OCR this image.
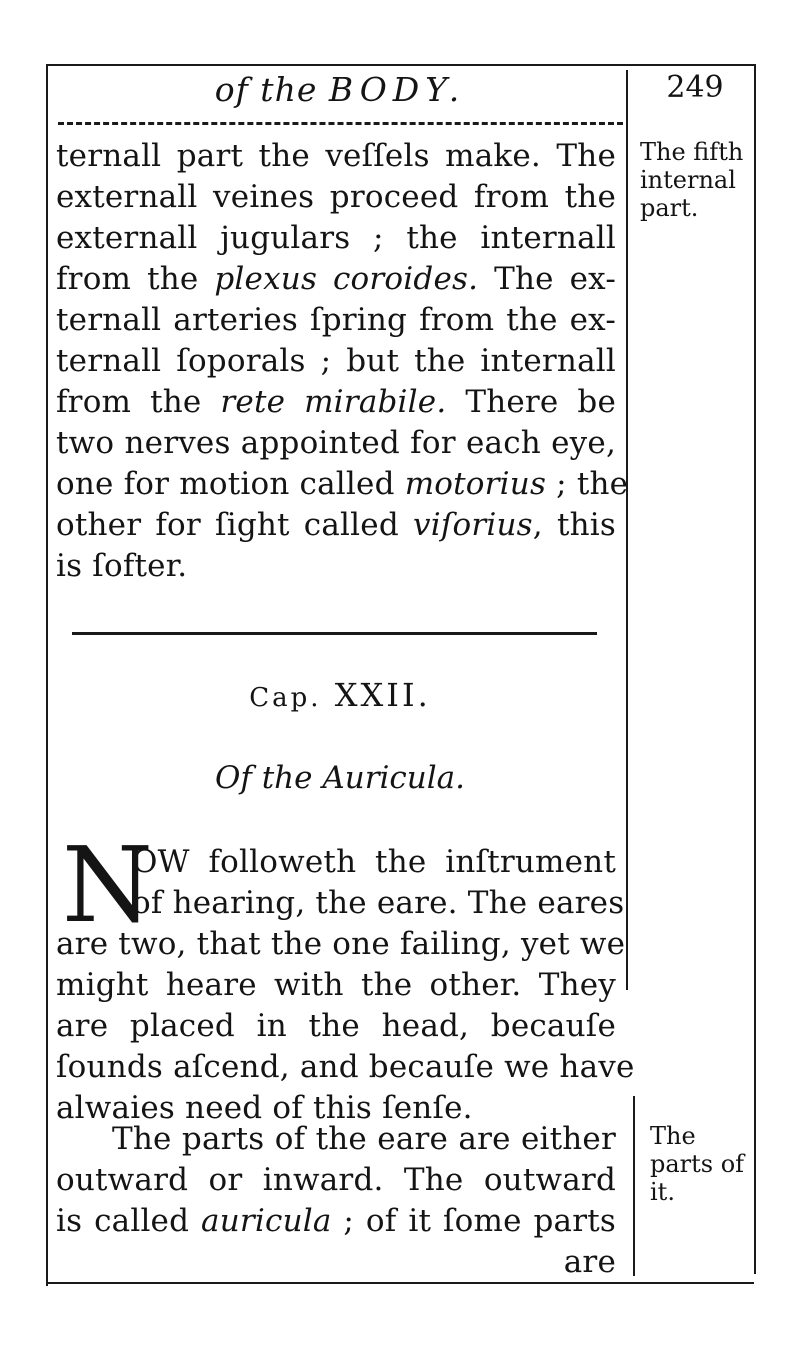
of the BODY.	249
ternall part the veſſels make. The
externall veines proceed from the
externall jugulars ; the internall
from the plexus coroides. The ex-
ternall arteries ſpring from the ex-
ternall ſoporals ; but the internall
from the rete mirabile. There be
two nerves appointed for each eye,
one for motion called motorius ; the
other for ſight called viſorius, this
is ſofter.
Cap. XXII.
Of the Auricula.
N
OW followeth the inſtrument
of hearing, the eare. The eares
are two, that the one failing, yet we
might heare with the other. They
are placed in the head, becauſe
ſounds aſcend, and becauſe we have
alwaies need of this ſenſe.
The parts of the eare are either
outward or inward. The outward
is called auricula ; of it ſome parts
are
The fifth
internal
part.
The
parts of
it.
